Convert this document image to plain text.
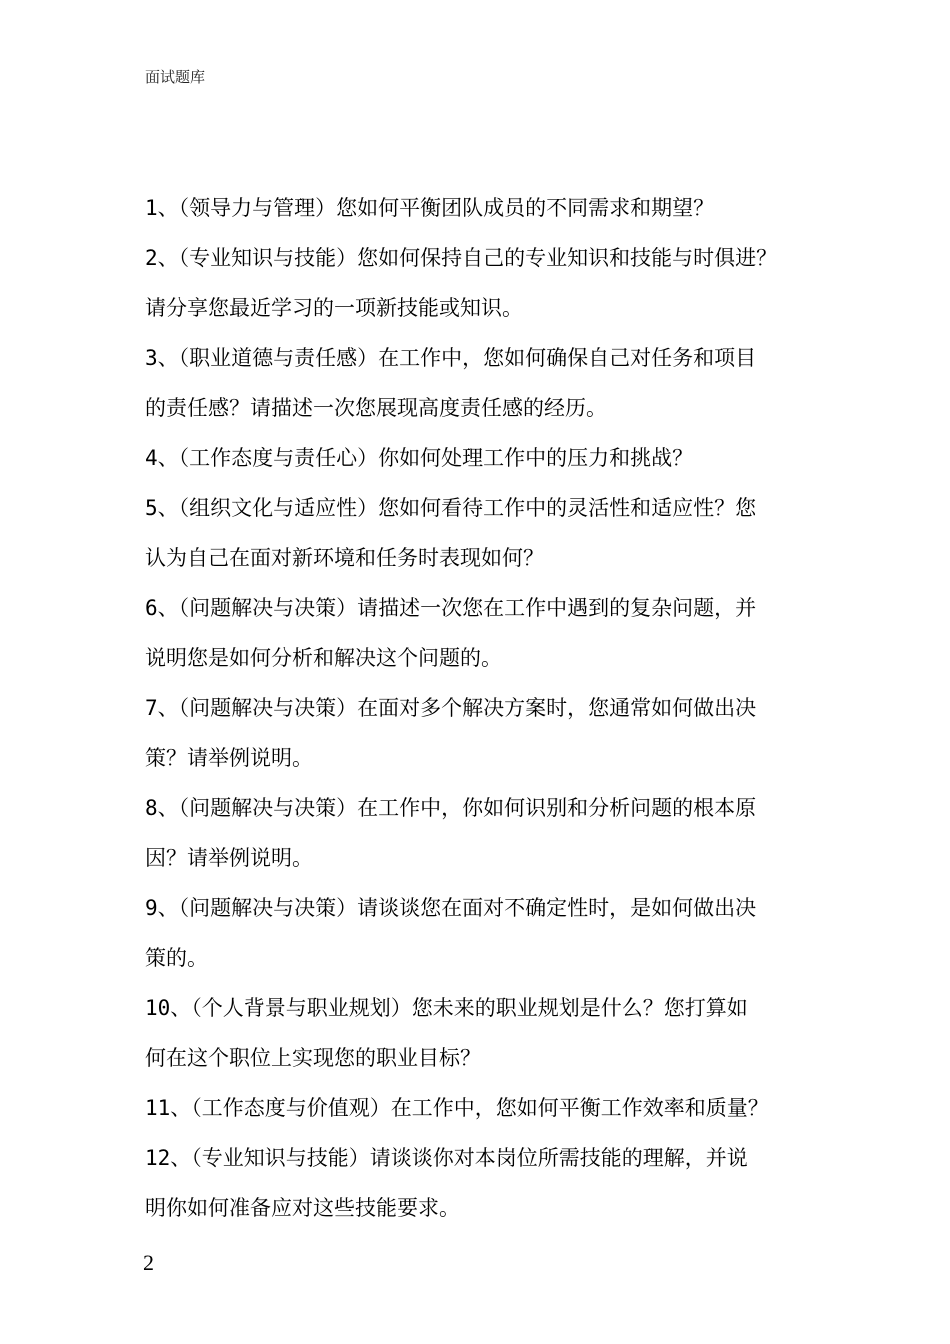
面试题库
1、（领导力与管理）您如何平衡团队成员的不同需求和期望？
2、（专业知识与技能）您如何保持自己的专业知识和技能与时俱进？
请分享您最近学习的一项新技能或知识。
3、（职业道德与责任感）在工作中，您如何确保自己对任务和项目
的责任感？请描述一次您展现高度责任感的经历。
4、（工作态度与责任心）你如何处理工作中的压力和挑战？
5、（组织文化与适应性）您如何看待工作中的灵活性和适应性？您
认为自己在面对新环境和任务时表现如何？
6、（问题解决与决策）请描述一次您在工作中遇到的复杂问题，并
说明您是如何分析和解决这个问题的。
7、（问题解决与决策）在面对多个解决方案时，您通常如何做出决
策？请举例说明。
8、（问题解决与决策）在工作中，你如何识别和分析问题的根本原
因？请举例说明。
9、（问题解决与决策）请谈谈您在面对不确定性时，是如何做出决
策的。
10、（个人背景与职业规划）您未来的职业规划是什么？您打算如
何在这个职位上实现您的职业目标？
11、（工作态度与价值观）在工作中，您如何平衡工作效率和质量？
12、（专业知识与技能）请谈谈你对本岗位所需技能的理解，并说
明你如何准备应对这些技能要求。
2
